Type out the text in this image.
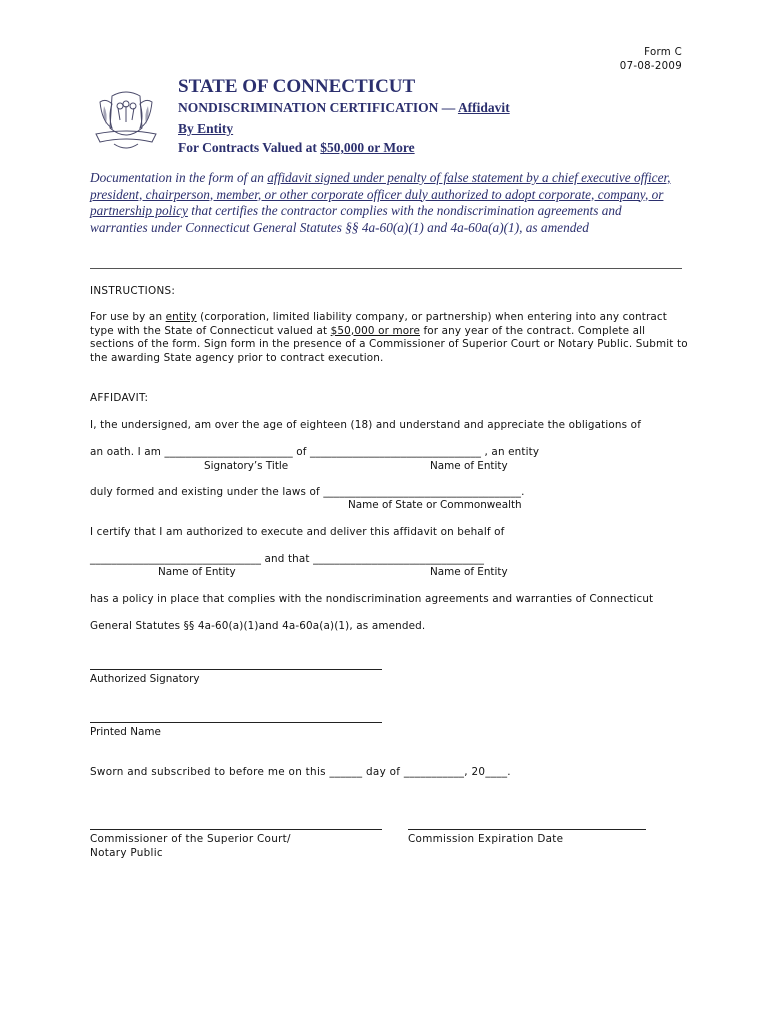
Form C
07-08-2009
STATE OF CONNECTICUT
NONDISCRIMINATION CERTIFICATION — Affidavit
By Entity
For Contracts Valued at $50,000 or More
Documentation in the form of an affidavit signed under penalty of false statement by a chief executive officer, president, chairperson, member, or other corporate officer duly authorized to adopt corporate, company, or partnership policy that certifies the contractor complies with the nondiscrimination agreements and warranties under Connecticut General Statutes §§ 4a-60(a)(1) and 4a-60a(a)(1), as amended
INSTRUCTIONS:
For use by an entity (corporation, limited liability company, or partnership) when entering into any contract type with the State of Connecticut valued at $50,000 or more for any year of the contract. Complete all sections of the form. Sign form in the presence of a Commissioner of Superior Court or Notary Public. Submit to the awarding State agency prior to contract execution.
AFFIDAVIT:
I, the undersigned, am over the age of eighteen (18) and understand and appreciate the obligations of
an oath. I am ________________________ of ________________________________ , an entity
Signatory’s Title	Name of Entity
duly formed and existing under the laws of _____________________________________.
Name of State or Commonwealth
I certify that I am authorized to execute and deliver this affidavit on behalf of
________________________________ and that ________________________________
Name of Entity	Name of Entity
has a policy in place that complies with the nondiscrimination agreements and warranties of Connecticut
General Statutes §§ 4a-60(a)(1)and 4a-60a(a)(1), as amended.
Authorized Signatory
Printed Name
Sworn and subscribed to before me on this ______ day of ___________, 20____.
Commissioner of the Superior Court/
Notary Public
Commission Expiration Date
